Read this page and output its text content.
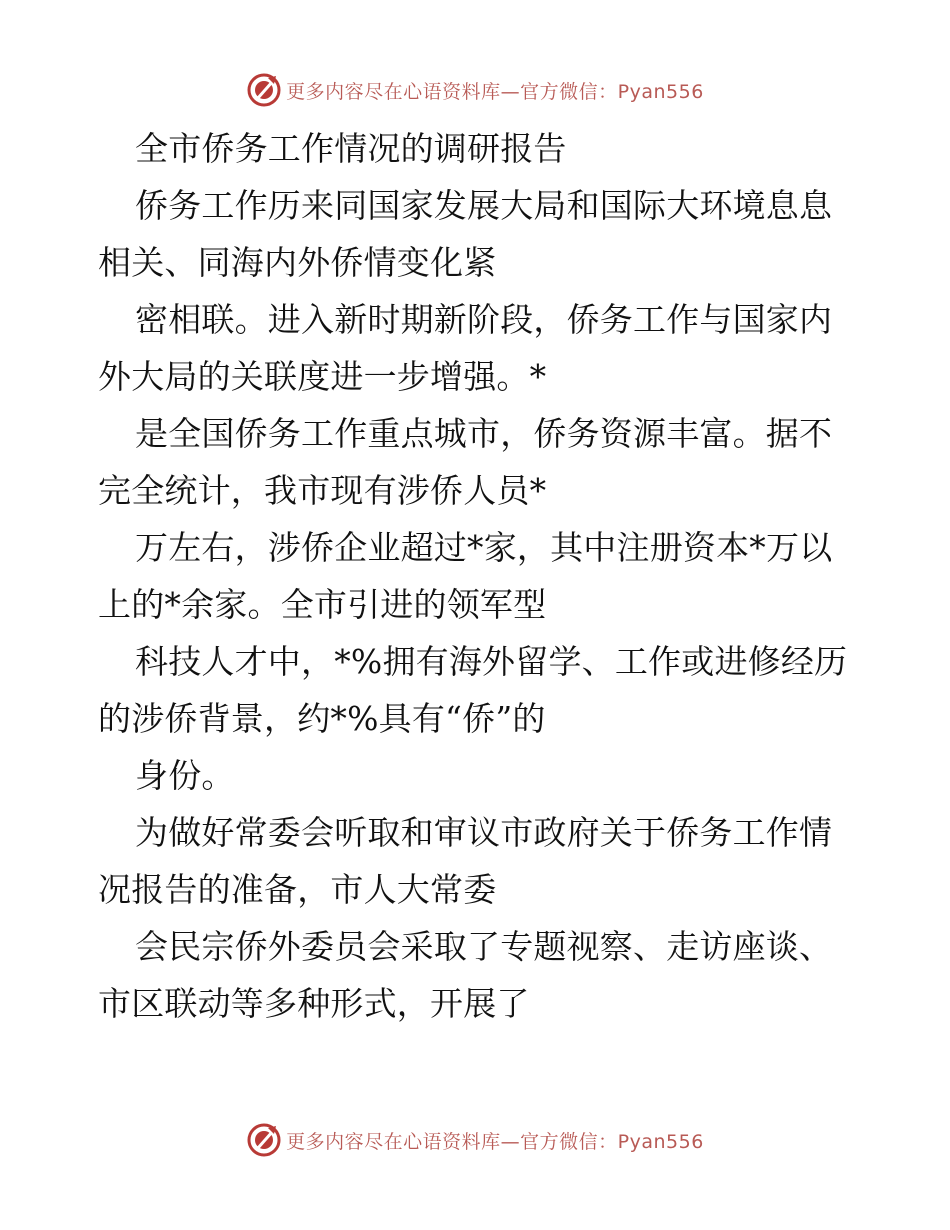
更多内容尽在心语资料库—官方微信：Pyan556

全市侨务工作情况的调研报告

侨务工作历来同国家发展大局和国际大环境息息相关、同海内外侨情变化紧

密相联。进入新时期新阶段，侨务工作与国家内外大局的关联度进一步增强。*

是全国侨务工作重点城市，侨务资源丰富。据不完全统计，我市现有涉侨人员*

万左右，涉侨企业超过*家，其中注册资本*万以上的*余家。全市引进的领军型

科技人才中，*%拥有海外留学、工作或进修经历的涉侨背景，约*%具有“侨”的

身份。

为做好常委会听取和审议市政府关于侨务工作情况报告的准备，市人大常委

会民宗侨外委员会采取了专题视察、走访座谈、市区联动等多种形式，开展了

更多内容尽在心语资料库—官方微信：Pyan556
